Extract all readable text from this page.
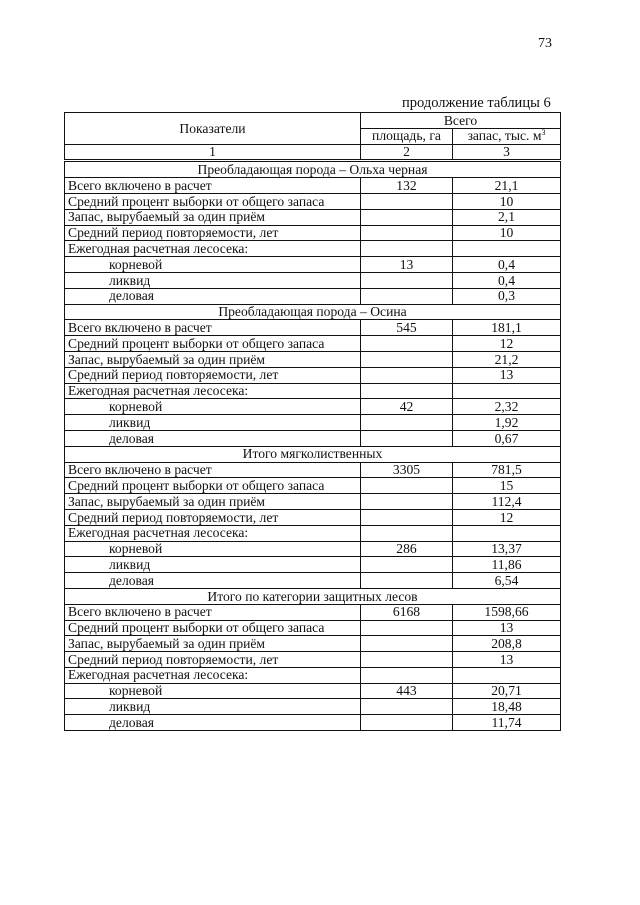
73
продолжение таблицы 6
Показатели	Всего	
	площадь, га	запас, тыс. $м^3$
1	2	3
Преобладающая порода – Ольха черная		
Всего включено в расчет	132	21,1
Средний процент выборки от общего запаса		10
Запас, вырубаемый за один приём		2,1
Средний период повторяемости, лет		10
Ежегодная расчетная лесосека:		
корневой	13	0,4
ликвид		0,4
деловая		0,3
Преобладающая порода – Осина		
Всего включено в расчет	545	181,1
Средний процент выборки от общего запаса		12
Запас, вырубаемый за один приём		21,2
Средний период повторяемости, лет		13
Ежегодная расчетная лесосека:		
корневой	42	2,32
ликвид		1,92
деловая		0,67
Итого мягколиственных		
Всего включено в расчет	3305	781,5
Средний процент выборки от общего запаса		15
Запас, вырубаемый за один приём		112,4
Средний период повторяемости, лет		12
Ежегодная расчетная лесосека:		
корневой	286	13,37
ликвид		11,86
деловая		6,54
Итого по категории защитных лесов		
Всего включено в расчет	6168	1598,66
Средний процент выборки от общего запаса		13
Запас, вырубаемый за один приём		208,8
Средний период повторяемости, лет		13
Ежегодная расчетная лесосека:		
корневой	443	20,71
ликвид		18,48
деловая		11,74
